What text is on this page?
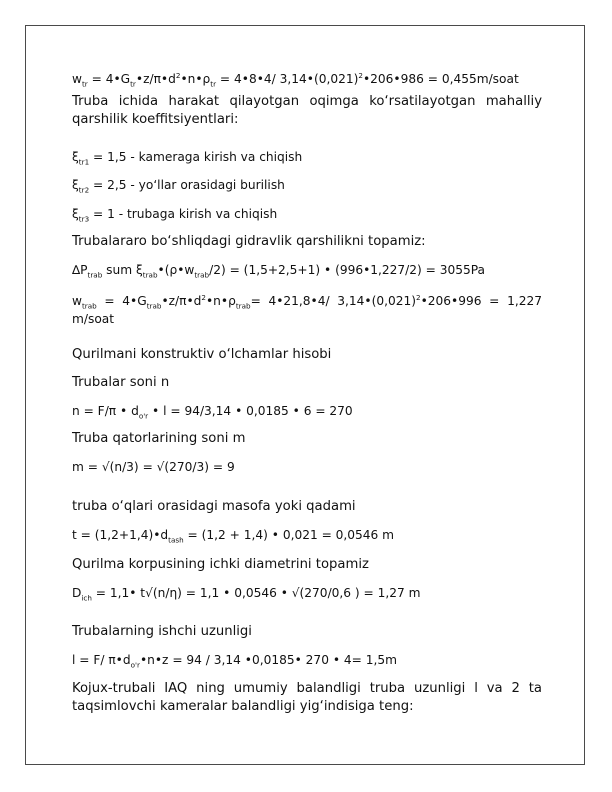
$w_{tr}$ = $4•G_{tr}•z/\pi•d^2•n•\rho_{tr}$ = 4•8•4/ $3,14•(0,021)^2•206•986$ = 0,455m/soat
Truba ichida harakat qilayotgan oqimga ko‘rsatilayotgan mahalliy qarshilik koeffitsiyentlari:
$\xi_{tr1} = 1,5$ - kameraga kirish va chiqish
$\xi_{tr2} = 2,5$ - yo‘llar orasidagi burilish
$\xi_{tr3} = 1$ - trubaga kirish va chiqish
Trubalararo bo‘shliqdagi gidravlik qarshilikni topamiz:
$\Delta P_{trab}$ sum $\xi_{trab}•(\rho•w_{trab}/2) = (1,5+2,5+1)$ • (996•1,227/2) = 3055Pa
$w_{trab}$ = $4•G_{trab}•z/\pi•d^2•n•\rho_{trab}=$ 4•21,8•4/ $3,14•(0,021)^2•206•996 = 1,227$ m/soat
Qurilmani konstruktiv o‘lchamlar hisobi
Trubalar soni n
n = F/π • $d_{o'r}$ • l = 94/3,14 • 0,0185 • 6 = 270
Truba qatorlarining soni m
m = √(n/3) = √(270/3) = 9
truba o‘qlari orasidagi masofa yoki qadami
$t = (1,2+1,4)•d_{tash} = (1,2 + 1,4)$ • 0,021 = 0,0546 m
Qurilma korpusining ichki diametrini topamiz
$D_{ich}$ = 1,1• t√(n/η) = 1,1 • 0,0546 • √(270/0,6 ) = 1,27 m
Trubalarning ishchi uzunligi
l = F/ $\pi•d_{o'r}•n•z = 94 / 3,14$ •0,0185• 270 • 4= 1,5m
Kojux-trubali IAQ ning umumiy balandligi truba uzunligi l va 2 ta taqsimlovchi kameralar balandligi yig‘indisiga teng:
